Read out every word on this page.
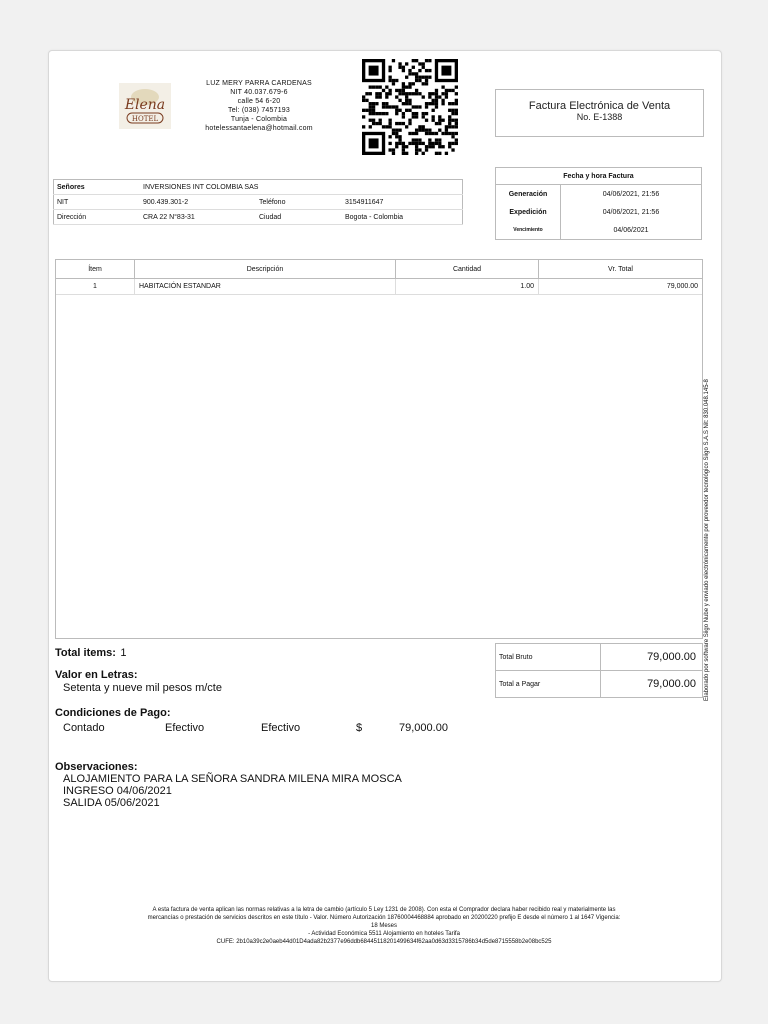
Elena
HOTEL
LUZ MERY PARRA CARDENAS
NIT 40.037.679-6
calle 54 6-20
Tel: (038) 7457193
Tunja - Colombia
hotelessantaelena@hotmail.com
Factura Electrónica de Venta
No. E-1388
Señores	INVERSIONES INT COLOMBIA SAS		
NIT	900.439.301-2	Teléfono	3154911647
Dirección	CRA 22 N°83-31	Ciudad	Bogota - Colombia
Fecha y hora Factura	
Generación	04/06/2021, 21:56
Expedición	04/06/2021, 21:56
Vencimiento	04/06/2021
Ítem	Descripción	Cantidad	Vr. Total
1	HABITACIÓN ESTANDAR	1.00	79,000.00
Total items: 1
Valor en Letras:
Setenta y nueve mil pesos m/cte
Condiciones de Pago:
Contado	Efectivo	Efectivo	$	79,000.00
Observaciones:
ALOJAMIENTO PARA LA SEÑORA SANDRA MILENA MIRA MOSCA
INGRESO 04/06/2021
SALIDA 05/06/2021
Total Bruto	79,000.00
Total a Pagar	79,000.00
A esta factura de venta aplican las normas relativas a la letra de cambio (artículo 5 Ley 1231 de 2008). Con esta el Comprador declara haber recibido real y materialmente las
mercancías o prestación de servicios descritos en este título - Valor. Número Autorización 18760004468884 aprobado en 20200220 prefijo E desde el número 1 al 1647 Vigencia:
18 Meses
- Actividad Económica 5511 Alojamiento en hoteles Tarifa
CUFE: 2b10a39c2e0aeb44d01D4ada82b2377e96ddb68445118201499634f62aa0d63d3315786b34d5de8715558b2e08bc525
Elaborado por software Siigo Nube y enviado electrónicamente por proveedor tecnológico Siigo S.A.S Nit: 830.048.145-8
